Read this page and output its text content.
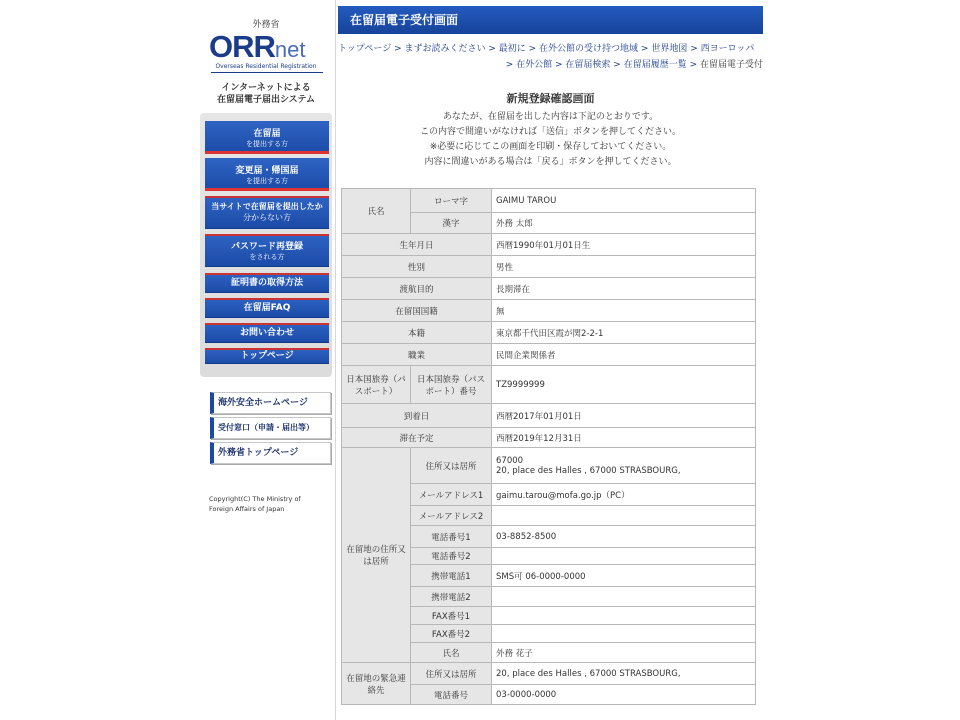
外務省
ORRnet
Overseas Residential Registration
インターネットによる
在留届電子届出システム
在留届
を提出する方
変更届・帰国届
を提出する方
当サイトで在留届を提出したか
分からない方
パスワード再登録
をされる方
証明書の取得方法
在留届FAQ
お問い合わせ
トップページ
海外安全ホームページ
受付窓口（申請・届出等）
外務省トップページ
Copyright(C) The Ministry of
Foreign Affairs of Japan
在留届電子受付画面
トップページ > まずお読みください > 最初に > 在外公館の受け持つ地域 > 世界地図 > 西ヨーロッパ
> 在外公館 > 在留届検索 > 在留届履歴一覧 > 在留届電子受付
新規登録確認画面
あなたが、在留届を出した内容は下記のとおりです。
この内容で間違いがなければ「送信」ボタンを押してください。
※必要に応じてこの画面を印刷・保存しておいてください。
内容に間違いがある場合は「戻る」ボタンを押してください。
氏名	ローマ字	GAIMU TAROU
	漢字	外務 太郎
生年月日		西暦1990年01月01日生
性別		男性
渡航目的		長期滞在
在留国国籍		無
本籍		東京都千代田区霞が関2-2-1
職業		民間企業関係者
日本国旅券（パスポート）	日本国旅券（パスポート）番号	TZ9999999
到着日		西暦2017年01月01日
滞在予定		西暦2019年12月31日
在留地の住所又は居所	住所又は居所	67000
20, place des Halles , 67000 STRASBOURG,

	メールアドレス1	gaimu.tarou@mofa.go.jp（PC）
	メールアドレス2	
	電話番号1	03-8852-8500
	電話番号2	
	携帯電話1	SMS可 06-0000-0000
	携帯電話2	
	FAX番号1	
	FAX番号2	
	氏名	外務 花子
在留地の緊急連絡先	住所又は居所	20, place des Halles , 67000 STRASBOURG,
	電話番号	03-0000-0000
